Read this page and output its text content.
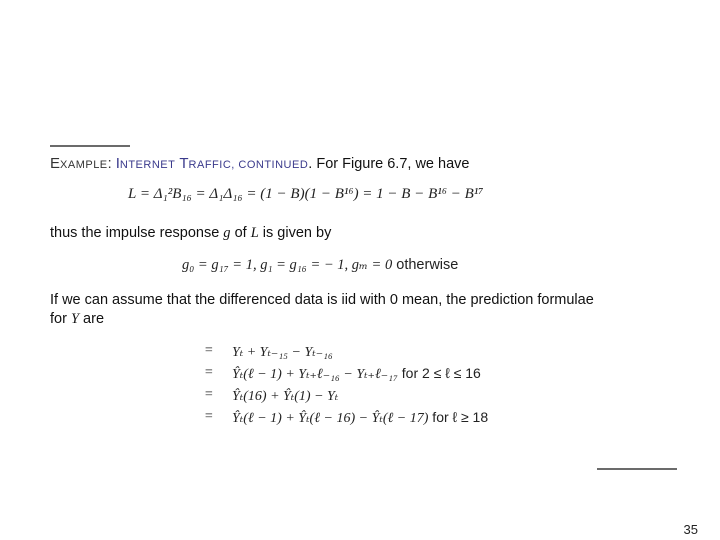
EXAMPLE: INTERNET TRAFFIC, CONTINUED. For Figure 6.7, we have
L = Δ₁²B₁₆ = Δ₁Δ₁₆ = (1 − B)(1 − B¹⁶) = 1 − B − B¹⁶ − B¹⁷
thus the impulse response g of L is given by
g₀ = g₁₇ = 1, g₁ = g₁₆ = − 1, gₘ = 0 otherwise
If we can assume that the differenced data is iid with 0 mean, the prediction formulae
for Y are
= Yₜ + Yₜ₋₁₅ − Yₜ₋₁₆
= Ŷₜ(ℓ − 1) + Yₜ₊ℓ₋₁₆ − Yₜ₊ℓ₋₁₇ for 2 ≤ ℓ ≤ 16
= Ŷₜ(16) + Ŷₜ(1) − Yₜ
= Ŷₜ(ℓ − 1) + Ŷₜ(ℓ − 16) − Ŷₜ(ℓ − 17) for ℓ ≥ 18
35
